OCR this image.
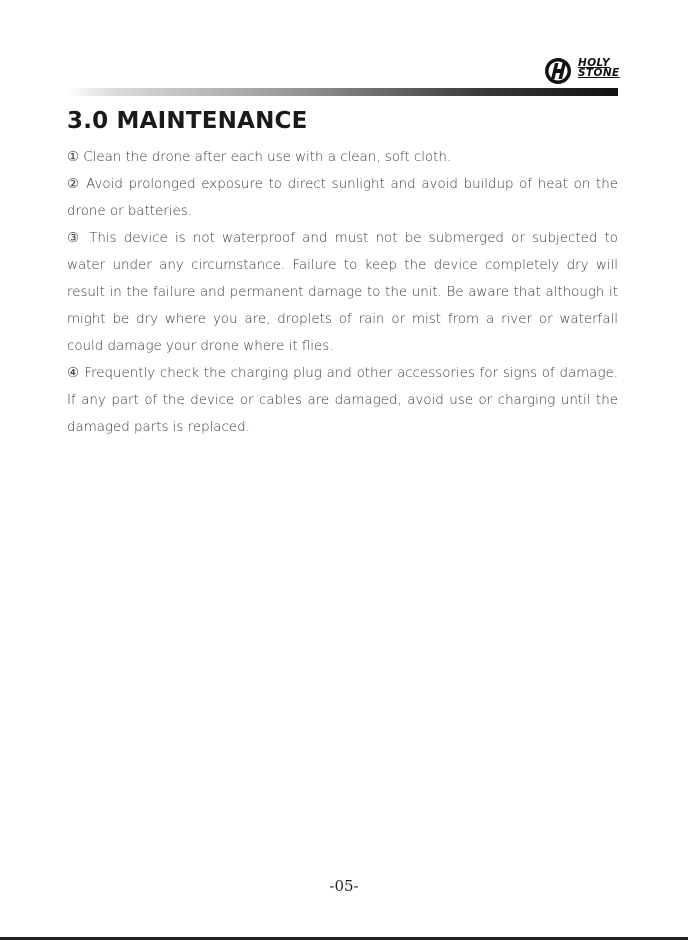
HOLY
STONE
3.0 MAINTENANCE

① Clean the drone after each use with a clean, soft cloth.

② Avoid prolonged exposure to direct sunlight and avoid buildup of heat on the drone or batteries.

③ This device is not waterproof and must not be submerged or subjected to water under any circumstance. Failure to keep the device completely dry will result in the failure and permanent damage to the unit. Be aware that although it might be dry where you are, droplets of rain or mist from a river or waterfall could damage your drone where it flies.

④ Frequently check the charging plug and other accessories for signs of damage. If any part of the device or cables are damaged, avoid use or charging until the damaged parts is replaced.

-05-
